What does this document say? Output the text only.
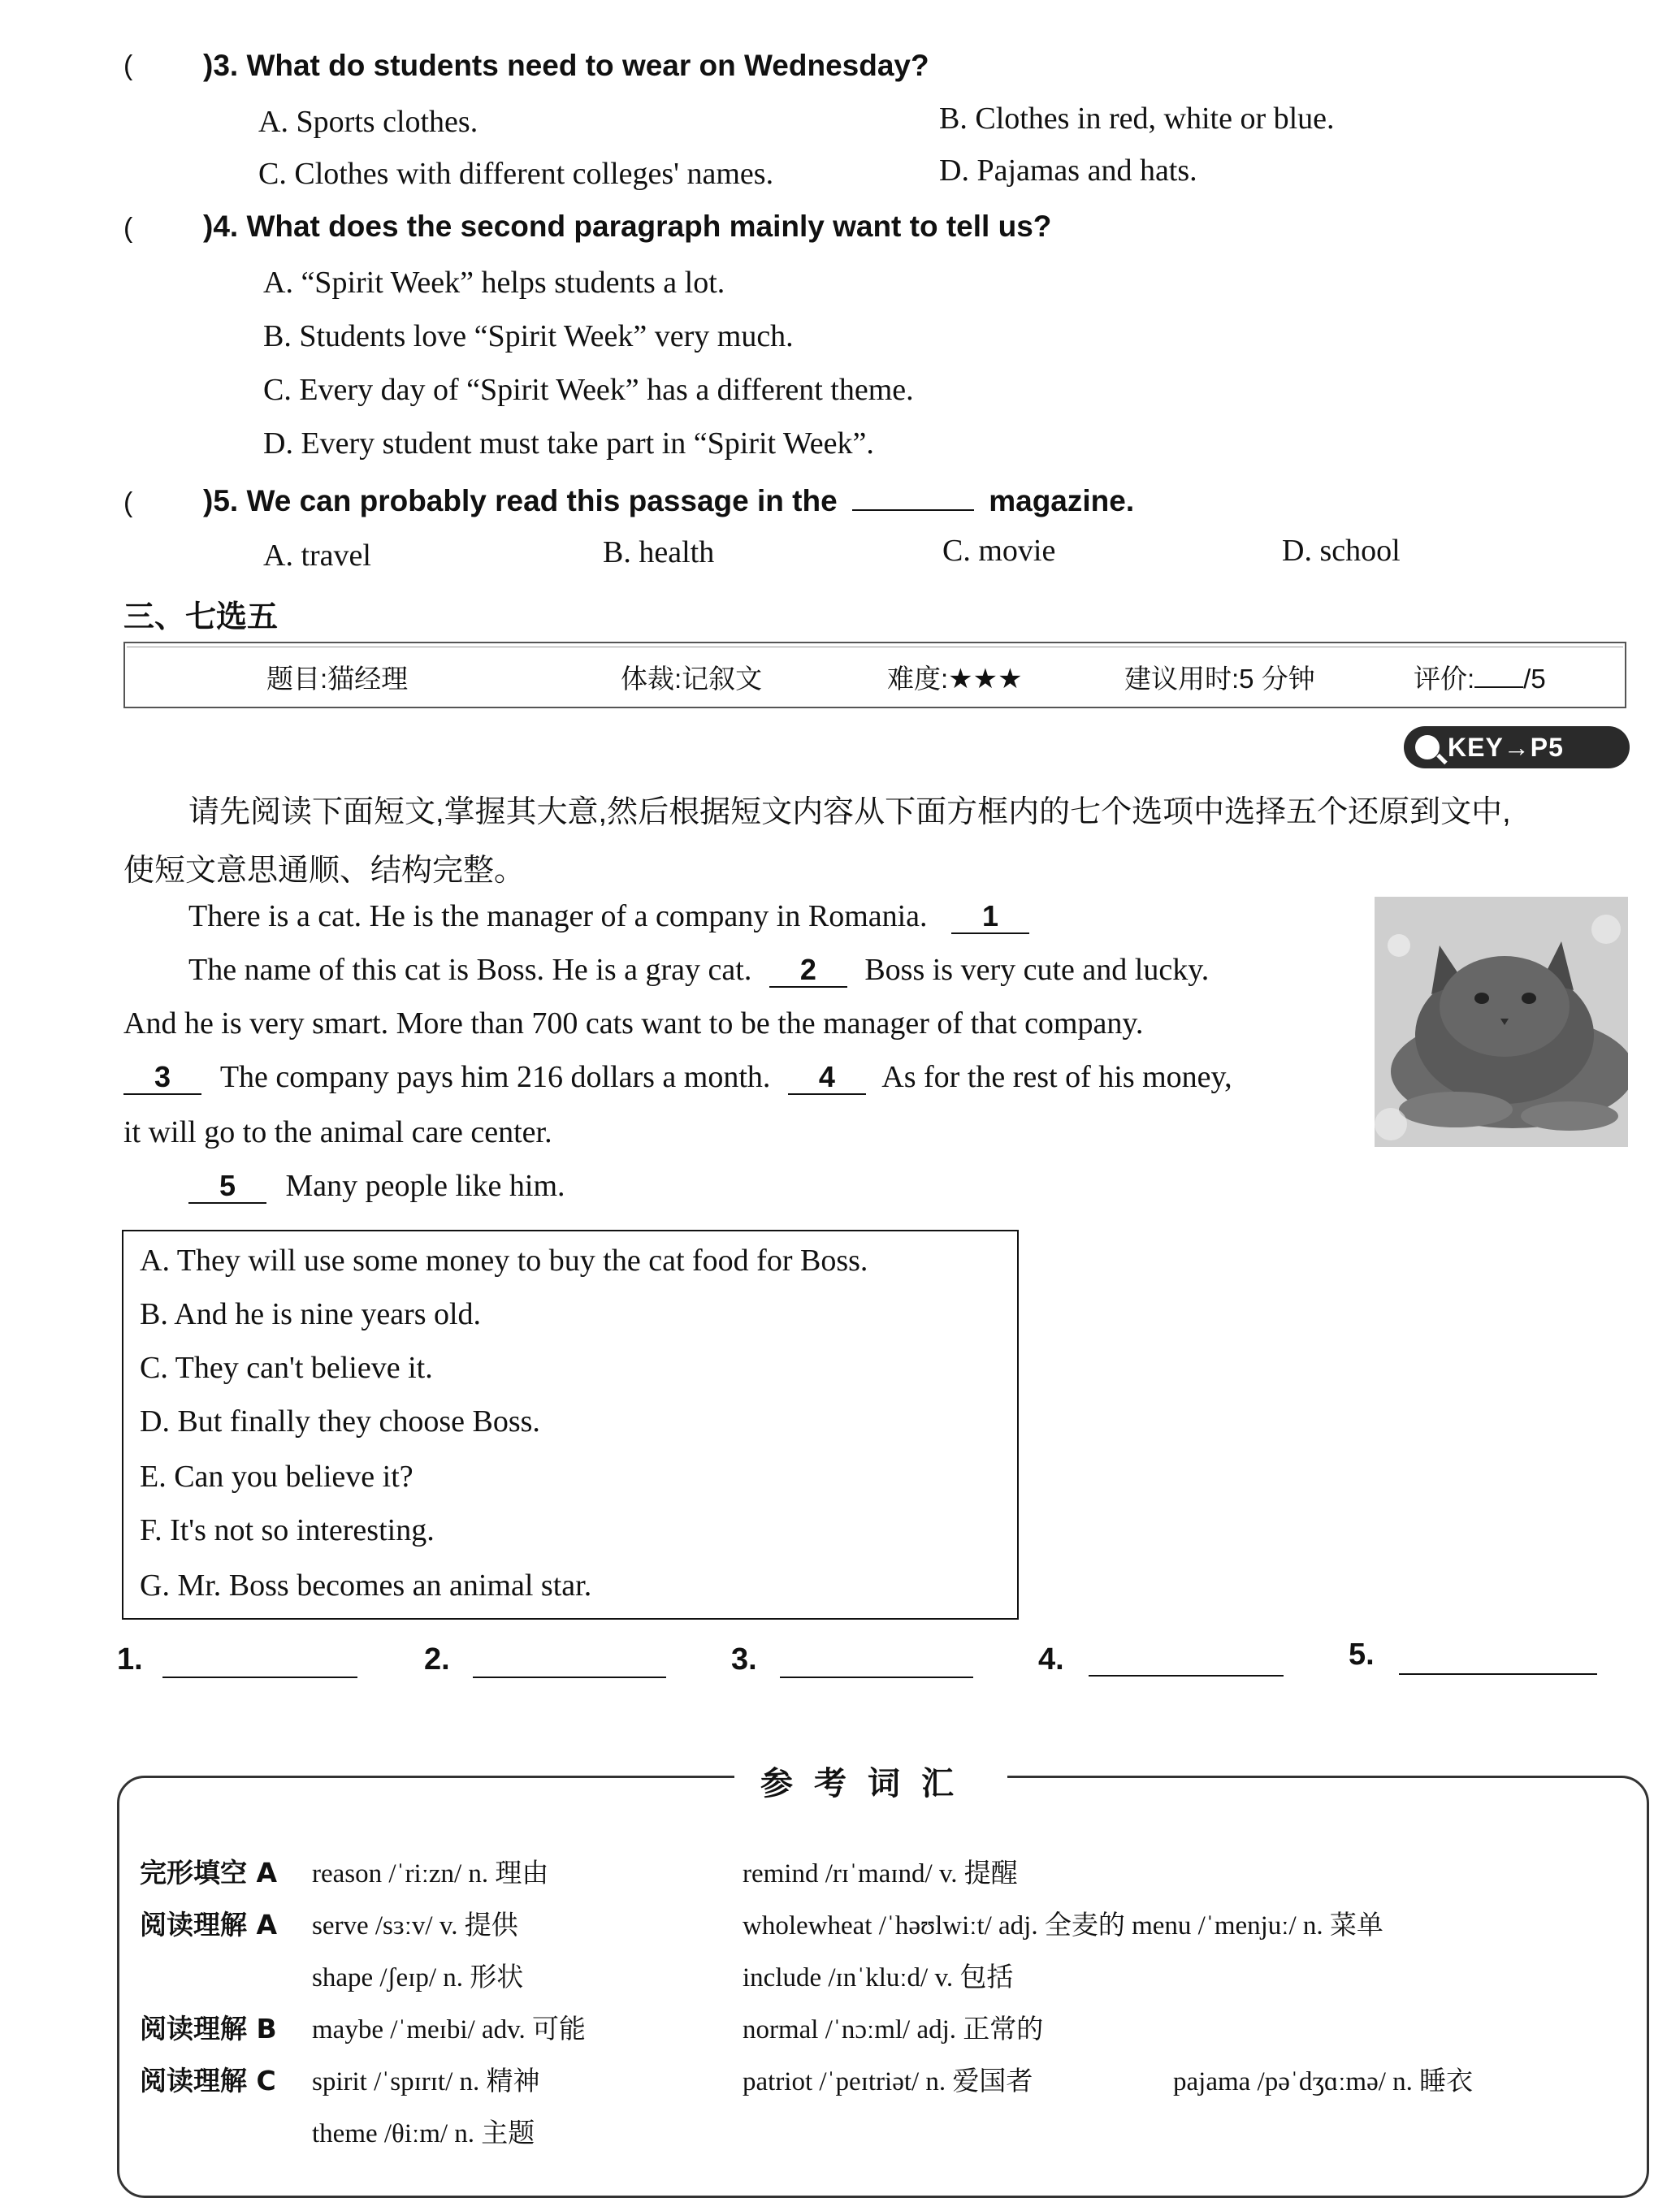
( )3. What do students need to wear on Wednesday?
A. Sports clothes.	B. Clothes in red, white or blue.
C. Clothes with different colleges' names.	D. Pajamas and hats.
( )4. What does the second paragraph mainly want to tell us?
A. “Spirit Week” helps students a lot.
B. Students love “Spirit Week” very much.
C. Every day of “Spirit Week” has a different theme.
D. Every student must take part in “Spirit Week”.
( )5. We can probably read this passage in the	magazine.
A. travel	B. health	C. movie	D. school
三、七选五
题目:猫经理	体裁:记叙文	难度:★★★	建议用时:5 分钟	评价: /5
KEY→P5
请先阅读下面短文,掌握其大意,然后根据短文内容从下面方框内的七个选项中选择五个还原到文中,
使短文意思通顺、结构完整。
There is a cat. He is the manager of a company in Romania. 1
The name of this cat is Boss. He is a gray cat. 2 Boss is very cute and lucky.
And he is very smart. More than 700 cats want to be the manager of that company.
3 The company pays him 216 dollars a month. 4 As for the rest of his money,
it will go to the animal care center.
5 Many people like him.
A. They will use some money to buy the cat food for Boss.
B. And he is nine years old.
C. They can't believe it.
D. But finally they choose Boss.
E. Can you believe it?
F. It's not so interesting.
G. Mr. Boss becomes an animal star.
1.	2.	3.	4.	5.
参考词汇
完形填空 A reason /ˈriːzn/ n. 理由	remind /rɪˈmaɪnd/ v. 提醒
阅读理解 A serve /sɜːv/ v. 提供	wholewheat /ˈhəʊlwiːt/ adj. 全麦的 menu /ˈmenjuː/ n. 菜单
shape /ʃeɪp/ n. 形状	include /ɪnˈkluːd/ v. 包括
阅读理解 B maybe /ˈmeɪbi/ adv. 可能	normal /ˈnɔːml/ adj. 正常的
阅读理解 C spirit /ˈspɪrɪt/ n. 精神	patriot /ˈpeɪtriət/ n. 爱国者	pajama /pəˈdʒɑːmə/ n. 睡衣
theme /θiːm/ n. 主题
